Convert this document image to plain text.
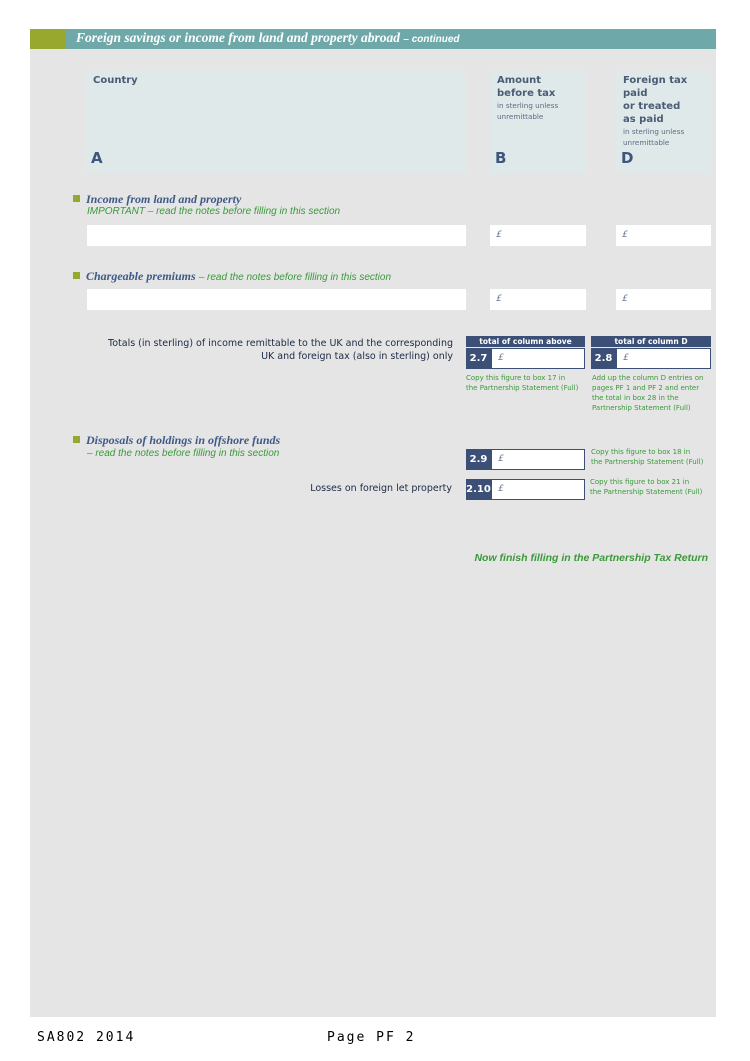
Foreign savings or income from land and property abroad – continued
Country
A
Amount
before tax
in sterling unless
unremittable
B
Foreign tax paid
or treated
as paid
in sterling unless
unremittable
D
Income from land and property
IMPORTANT – read the notes before filling in this section
£	£
Chargeable premiums – read the notes before filling in this section
£	£
Totals (in sterling) of income remittable to the UK and the corresponding
UK and foreign tax (also in sterling) only
total of column above
2.7	£
Copy this figure to box 17 in
the Partnership Statement (Full)
total of column D
2.8	£
Add up the column D entries on
pages PF 1 and PF 2 and enter
the total in box 28 in the
Partnership Statement (Full)
Disposals of holdings in offshore funds
– read the notes before filling in this section
2.9	£
Copy this figure to box 18 in
the Partnership Statement (Full)
Losses on foreign let property 2.10 £
Copy this figure to box 21 in
the Partnership Statement (Full)
Now finish filling in the Partnership Tax Return
SA802 2014	Page PF 2
